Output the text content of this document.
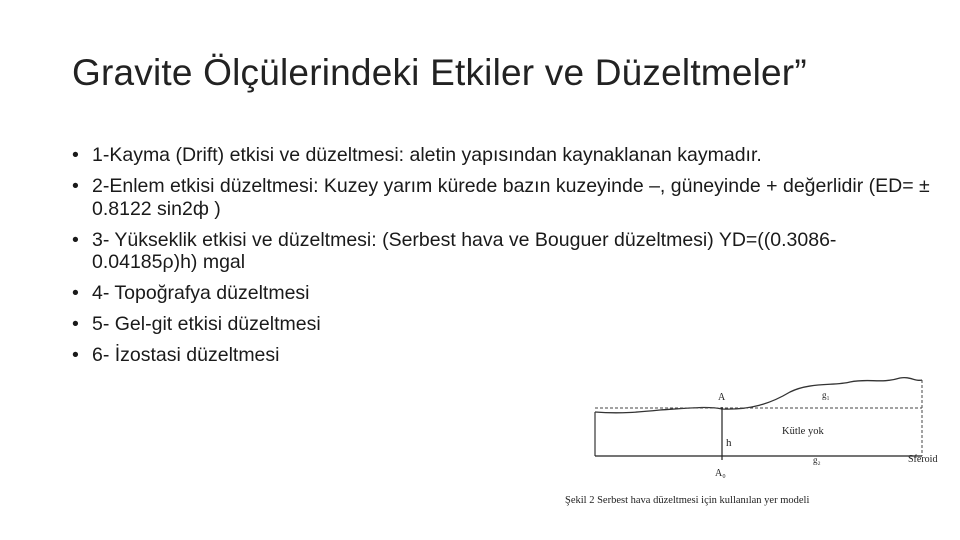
Gravite Ölçülerindeki Etkiler ve Düzeltmeler”
• 1-Kayma (Drift) etkisi ve düzeltmesi: aletin yapısından kaynaklanan kaymadır.
• 2-Enlem etkisi düzeltmesi: Kuzey yarım kürede bazın kuzeyinde –, güneyinde + değerlidir (ED= ± 0.8122 sin2ф )
• 3- Yükseklik etkisi ve düzeltmesi: (Serbest hava ve Bouguer düzeltmesi) YD=((0.3086-0.04185ρ)h) mgal
• 4- Topoğrafya düzeltmesi
• 5- Gel-git etkisi düzeltmesi
• 6- İzostasi düzeltmesi
A	g₁
Kütle yok
h
g₂
A₀
Sferoid
Şekil 2 Serbest hava düzeltmesi için kullanılan yer modeli
